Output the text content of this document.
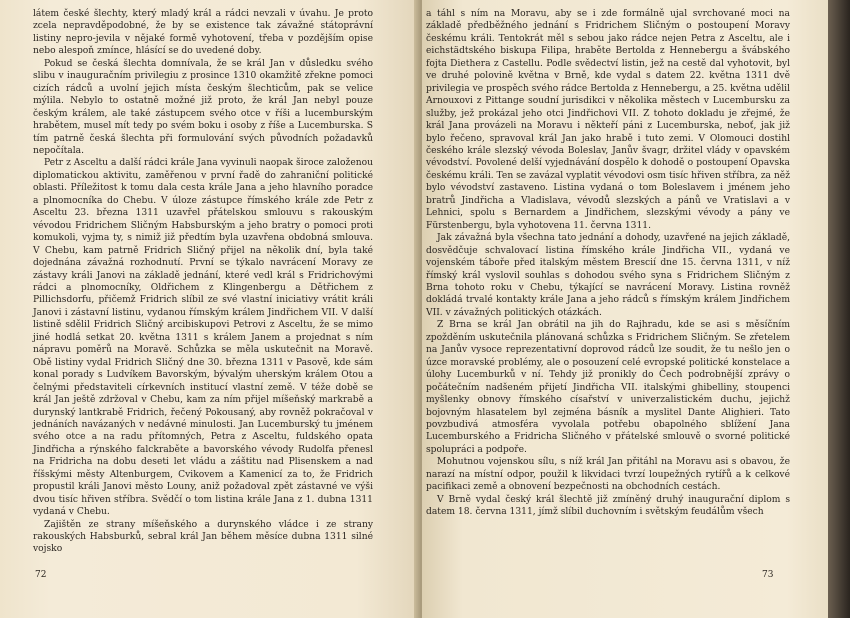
látem české šlechty, který mladý král a rádci nevzali v úvahu. Je proto zcela nepravděpodobné, že by se existence tak závažné státoprávní listiny nepro-jevila v nějaké formě vyhotovení, třeba v pozdějším opise nebo alespoň zmínce, hlásící se do uvedené doby.

Pokud se česká šlechta domnívala, že se král Jan v důsledku svého slibu v inauguračním privilegiu z prosince 1310 okamžitě zřekne pomoci cizích rádců a uvolní jejich místa českým šlechticům, pak se velice mýlila. Nebylo to ostatně možné již proto, že král Jan nebyl pouze českým králem, ale také zástupcem svého otce v říši a lucemburským hrabětem, musel mít tedy po svém boku i osoby z říše a Lucemburska. S tím patrně česká šlechta při formulování svých původních požadavků nepočítala.

Petr z Asceltu a další rádci krále Jana vyvinuli naopak široce založenou diplomatickou aktivitu, zaměřenou v první řadě do zahraniční politické oblasti. Příležitost k tomu dala cesta krále Jana a jeho hlavního poradce a plnomocníka do Chebu. V úloze zástupce římského krále zde Petr z Asceltu 23. března 1311 uzavřel přátelskou smlouvu s rakouským vévodou Fridrichem Sličným Habsburským a jeho bratry o pomoci proti komukoli, vyjma ty, s nimiž již předtím byla uzavřena obdobná smlouva. V Chebu, kam patrně Fridrich Sličný přijel na několik dní, byla také dojednána závažná rozhodnutí. První se týkalo navrácení Moravy ze zástavy králi Janovi na základě jednání, které vedl král s Fridrichovými rádci a plnomocníky, Oldřichem z Klingenbergu a Dětřichem z Pillichsdorfu, přičemž Fridrich slíbil ze své vlastní iniciativy vrátit králi Janovi i zástavní listinu, vydanou římským králem Jindřichem VII. V další listině sdělil Fridrich Sličný arcibiskupovi Petrovi z Asceltu, že se mimo jiné hodlá setkat 20. května 1311 s králem Janem a projednat s ním nápravu poměrů na Moravě. Schůzka se měla uskutečnit na Moravě. Obě listiny vydal Fridrich Sličný dne 30. března 1311 v Pasově, kde sám konal porady s Ludvíkem Bavorským, bývalým uherským králem Otou a čelnými představiteli církevních institucí vlastní země. V téže době se král Jan ještě zdržoval v Chebu, kam za ním přijel míšeňský markrabě a durynský lantkrabě Fridrich, řečený Pokousaný, aby rovněž pokračoval v jednáních navázaných v nedávné minulosti. Jan Lucemburský tu jménem svého otce a na radu přítomných, Petra z Asceltu, fuldského opata Jindřicha a rýnského falckraběte a bavorského vévody Rudolfa přenesl na Fridricha na dobu deseti let vládu a záštitu nad Plisenskem a nad říšskými městy Altenburgem, Cvikovem a Kamenicí za to, že Fridrich propustil králi Janovi město Louny, aniž požadoval zpět zástavné ve výši dvou tisíc hřiven stříbra. Svědčí o tom listina krále Jana z 1. dubna 1311 vydaná v Chebu.

Zajištěn ze strany míšeňského a durynského vládce i ze strany rakouských Habsburků, sebral král Jan během měsíce dubna 1311 silné vojsko

72

a táhl s ním na Moravu, aby se i zde formálně ujal svrchované moci na základě předběžného jednání s Fridrichem Sličným o postoupení Moravy českému králi. Tentokrát měl s sebou jako rádce nejen Petra z Asceltu, ale i eichstädtského biskupa Filipa, hraběte Bertolda z Hennebergu a švábského fojta Diethera z Castellu. Podle svědectví listin, jež na cestě dal vyhotovit, byl ve druhé polovině května v Brně, kde vydal s datem 22. května 1311 dvě privilegia ve prospěch svého rádce Bertolda z Hennebergu, a 25. května udělil Arnouxovi z Pittange soudní jurisdikci v několika městech v Lucembursku za služby, jež prokázal jeho otci Jindřichovi VII. Z tohoto dokladu je zřejmé, že král Jana provázeli na Moravu i někteří páni z Lucemburska, neboť, jak již bylo řečeno, spravoval král Jan jako hrabě i tuto zemi. V Olomouci dostihl českého krále slezský vévoda Boleslav, Janův švagr, držitel vlády v opavském vévodství. Povolené delší vyjednávání dospělo k dohodě o postoupení Opavska českému králi. Ten se zavázal vyplatit vévodovi osm tisíc hřiven stříbra, za něž bylo vévodství zastaveno. Listina vydaná o tom Boleslavem i jménem jeho bratrů Jindřicha a Vladislava, vévodů slezských a pánů ve Vratislavi a v Lehnici, spolu s Bernardem a Jindřichem, slezskými vévody a pány ve Fürstenbergu, byla vyhotovena 11. června 1311.

Jak závažná byla všechna tato jednání a dohody, uzavřené na jejich základě, dosvědčuje schvalovací listina římského krále Jindřicha VII., vydaná ve vojenském táboře před italským městem Brescií dne 15. června 1311, v níž římský král vyslovil souhlas s dohodou svého syna s Fridrichem Sličným z Brna tohoto roku v Chebu, týkající se navrácení Moravy. Listina rovněž dokládá trvalé kontakty krále Jana a jeho rádců s římským králem Jindřichem VII. v závažných politických otázkách.

Z Brna se král Jan obrátil na jih do Rajhradu, kde se asi s měsíčním zpožděním uskutečnila plánovaná schůzka s Fridrichem Sličným. Se zřetelem na Janův vysoce reprezentativní doprovod rádců lze soudit, že tu nešlo jen o úzce moravské problémy, ale o posouzení celé evropské politické konstelace a úlohy Lucemburků v ní. Tehdy již pronikly do Čech podrobnější zprávy o počátečním nadšeném přijetí Jindřicha VII. italskými ghibelliny, stoupenci myšlenky obnovy římského císařství v univerzalistickém duchu, jejichž bojovným hlasatelem byl zejména básník a myslitel Dante Alighieri. Tato povzbudivá atmosféra vyvolala potřebu obapolného sblížení Jana Lucemburského a Fridricha Sličného v přátelské smlouvě o svorné politické spolupráci a podpoře.

Mohutnou vojenskou sílu, s níž král Jan přitáhl na Moravu asi s obavou, že narazí na místní odpor, použil k likvidaci tvrzí loupežných rytířů a k celkové pacifikaci země a obnovení bezpečnosti na obchodních cestách.

V Brně vydal český král šlechtě již zmíněný druhý inaugurační diplom s datem 18. června 1311, jímž slíbil duchovním i světským feudálům všech

73
